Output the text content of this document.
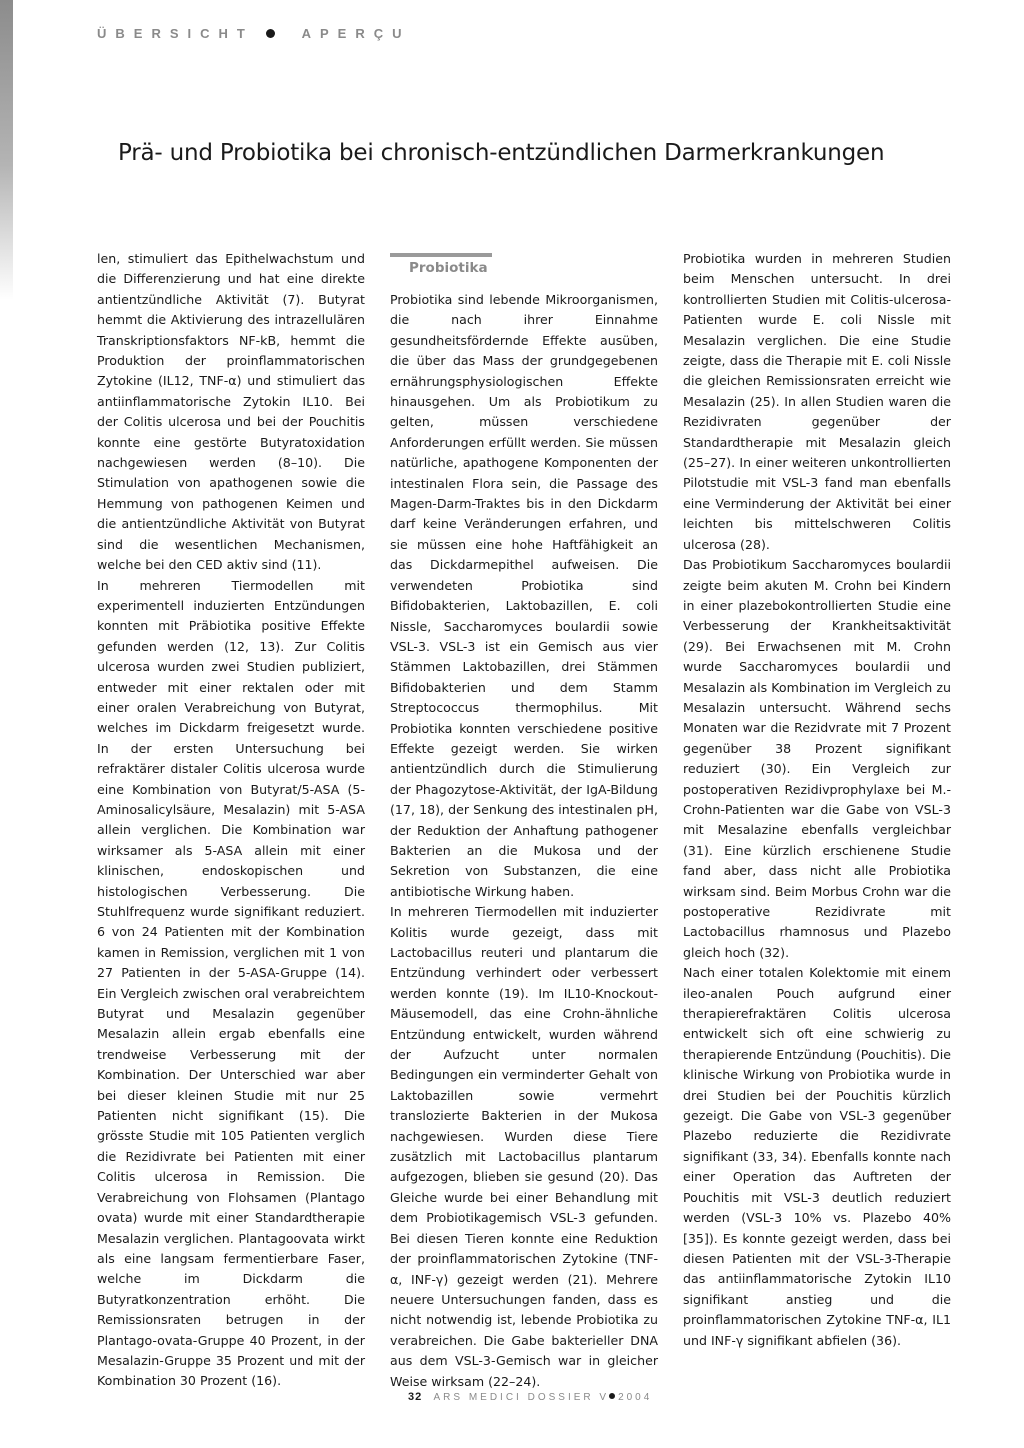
ÜBERSICHT	APERÇU
Prä- und Probiotika bei chronisch-entzündlichen Darmerkrankungen
len, stimuliert das Epithelwachstum und die Differenzierung und hat eine direkte antientzündliche Aktivität (7). Butyrat hemmt die Aktivierung des intrazellulären Transkriptionsfaktors NF-kB, hemmt die Produktion der proinflammatorischen Zytokine (IL12, TNF-α) und stimuliert das antiinflammatorische Zytokin IL10. Bei der Colitis ulcerosa und bei der Pouchitis konnte eine gestörte Butyratoxidation nachgewiesen werden (8–10). Die Stimulation von apathogenen sowie die Hemmung von pathogenen Keimen und die antientzündliche Aktivität von Butyrat sind die wesentlichen Mechanismen, welche bei den CED aktiv sind (11).
In mehreren Tiermodellen mit experimentell induzierten Entzündungen konnten mit Präbiotika positive Effekte gefunden werden (12, 13). Zur Colitis ulcerosa wurden zwei Studien publiziert, entweder mit einer rektalen oder mit einer oralen Verabreichung von Butyrat, welches im Dickdarm freigesetzt wurde. In der ersten Untersuchung bei refraktärer distaler Colitis ulcerosa wurde eine Kombination von Butyrat/5-ASA (5-Aminosalicylsäure, Mesalazin) mit 5-ASA allein verglichen. Die Kombination war wirksamer als 5-ASA allein mit einer klinischen, endoskopischen und histologischen Verbesserung. Die Stuhlfrequenz wurde signifikant reduziert. 6 von 24 Patienten mit der Kombination kamen in Remission, verglichen mit 1 von 27 Patienten in der 5-ASA-Gruppe (14). Ein Vergleich zwischen oral verabreichtem Butyrat und Mesalazin gegenüber Mesalazin allein ergab ebenfalls eine trendweise Verbesserung mit der Kombination. Der Unterschied war aber bei dieser kleinen Studie mit nur 25 Patienten nicht signifikant (15). Die grösste Studie mit 105 Patienten verglich die Rezidivrate bei Patienten mit einer Colitis ulcerosa in Remission. Die Verabreichung von Flohsamen (Plantago ovata) wurde mit einer Standardtherapie Mesalazin verglichen. Plantagoovata wirkt als eine langsam fermentierbare Faser, welche im Dickdarm die Butyratkonzentration erhöht. Die Remissionsraten betrugen in der Plantago-ovata-Gruppe 40 Prozent, in der Mesalazin-Gruppe 35 Prozent und mit der Kombination 30 Prozent (16).
Probiotika
Probiotika sind lebende Mikroorganismen, die nach ihrer Einnahme gesundheitsfördernde Effekte ausüben, die über das Mass der grundgegebenen ernährungsphysiologischen Effekte hinausgehen. Um als Probiotikum zu gelten, müssen verschiedene Anforderungen erfüllt werden. Sie müssen natürliche, apathogene Komponenten der intestinalen Flora sein, die Passage des Magen-Darm-Traktes bis in den Dickdarm darf keine Veränderungen erfahren, und sie müssen eine hohe Haftfähigkeit an das Dickdarmepithel aufweisen. Die verwendeten Probiotika sind Bifidobakterien, Laktobazillen, E. coli Nissle, Saccharomyces boulardii sowie VSL-3. VSL-3 ist ein Gemisch aus vier Stämmen Laktobazillen, drei Stämmen Bifidobakterien und dem Stamm Streptococcus thermophilus. Mit Probiotika konnten verschiedene positive Effekte gezeigt werden. Sie wirken antientzündlich durch die Stimulierung der Phagozytose-Aktivität, der IgA-Bildung (17, 18), der Senkung des intestinalen pH, der Reduktion der Anhaftung pathogener Bakterien an die Mukosa und der Sekretion von Substanzen, die eine antibiotische Wirkung haben.
In mehreren Tiermodellen mit induzierter Kolitis wurde gezeigt, dass mit Lactobacillus reuteri und plantarum die Entzündung verhindert oder verbessert werden konnte (19). Im IL10-Knockout-Mäusemodell, das eine Crohn-ähnliche Entzündung entwickelt, wurden während der Aufzucht unter normalen Bedingungen ein verminderter Gehalt von Laktobazillen sowie vermehrt translozierte Bakterien in der Mukosa nachgewiesen. Wurden diese Tiere zusätzlich mit Lactobacillus plantarum aufgezogen, blieben sie gesund (20). Das Gleiche wurde bei einer Behandlung mit dem Probiotikagemisch VSL-3 gefunden. Bei diesen Tieren konnte eine Reduktion der proinflammatorischen Zytokine (TNF-α, INF-γ) gezeigt werden (21). Mehrere neuere Untersuchungen fanden, dass es nicht notwendig ist, lebende Probiotika zu verabreichen. Die Gabe bakterieller DNA aus dem VSL-3-Gemisch war in gleicher Weise wirksam (22–24).
Probiotika wurden in mehreren Studien beim Menschen untersucht. In drei kontrollierten Studien mit Colitis-ulcerosa-Patienten wurde E. coli Nissle mit Mesalazin verglichen. Die eine Studie zeigte, dass die Therapie mit E. coli Nissle die gleichen Remissionsraten erreicht wie Mesalazin (25). In allen Studien waren die Rezidivraten gegenüber der Standardtherapie mit Mesalazin gleich (25–27). In einer weiteren unkontrollierten Pilotstudie mit VSL-3 fand man ebenfalls eine Verminderung der Aktivität bei einer leichten bis mittelschweren Colitis ulcerosa (28).
Das Probiotikum Saccharomyces boulardii zeigte beim akuten M. Crohn bei Kindern in einer plazebokontrollierten Studie eine Verbesserung der Krankheitsaktivität (29). Bei Erwachsenen mit M. Crohn wurde Saccharomyces boulardii und Mesalazin als Kombination im Vergleich zu Mesalazin untersucht. Während sechs Monaten war die Rezidvrate mit 7 Prozent gegenüber 38 Prozent signifikant reduziert (30). Ein Vergleich zur postoperativen Rezidivprophylaxe bei M.-Crohn-Patienten war die Gabe von VSL-3 mit Mesalazine ebenfalls vergleichbar (31). Eine kürzlich erschienene Studie fand aber, dass nicht alle Probiotika wirksam sind. Beim Morbus Crohn war die postoperative Rezidivrate mit Lactobacillus rhamnosus und Plazebo gleich hoch (32).
Nach einer totalen Kolektomie mit einem ileo-analen Pouch aufgrund einer therapierefraktären Colitis ulcerosa entwickelt sich oft eine schwierig zu therapierende Entzündung (Pouchitis). Die klinische Wirkung von Probiotika wurde in drei Studien bei der Pouchitis kürzlich gezeigt. Die Gabe von VSL-3 gegenüber Plazebo reduzierte die Rezidivrate signifikant (33, 34). Ebenfalls konnte nach einer Operation das Auftreten der Pouchitis mit VSL-3 deutlich reduziert werden (VSL-3 10% vs. Plazebo 40% [35]). Es konnte gezeigt werden, dass bei diesen Patienten mit der VSL-3-Therapie das antiinflammatorische Zytokin IL10 signifikant anstieg und die proinflammatorischen Zytokine TNF-α, IL1 und INF-γ signifikant abfielen (36).
32 ARS MEDICI DOSSIER V 2004
